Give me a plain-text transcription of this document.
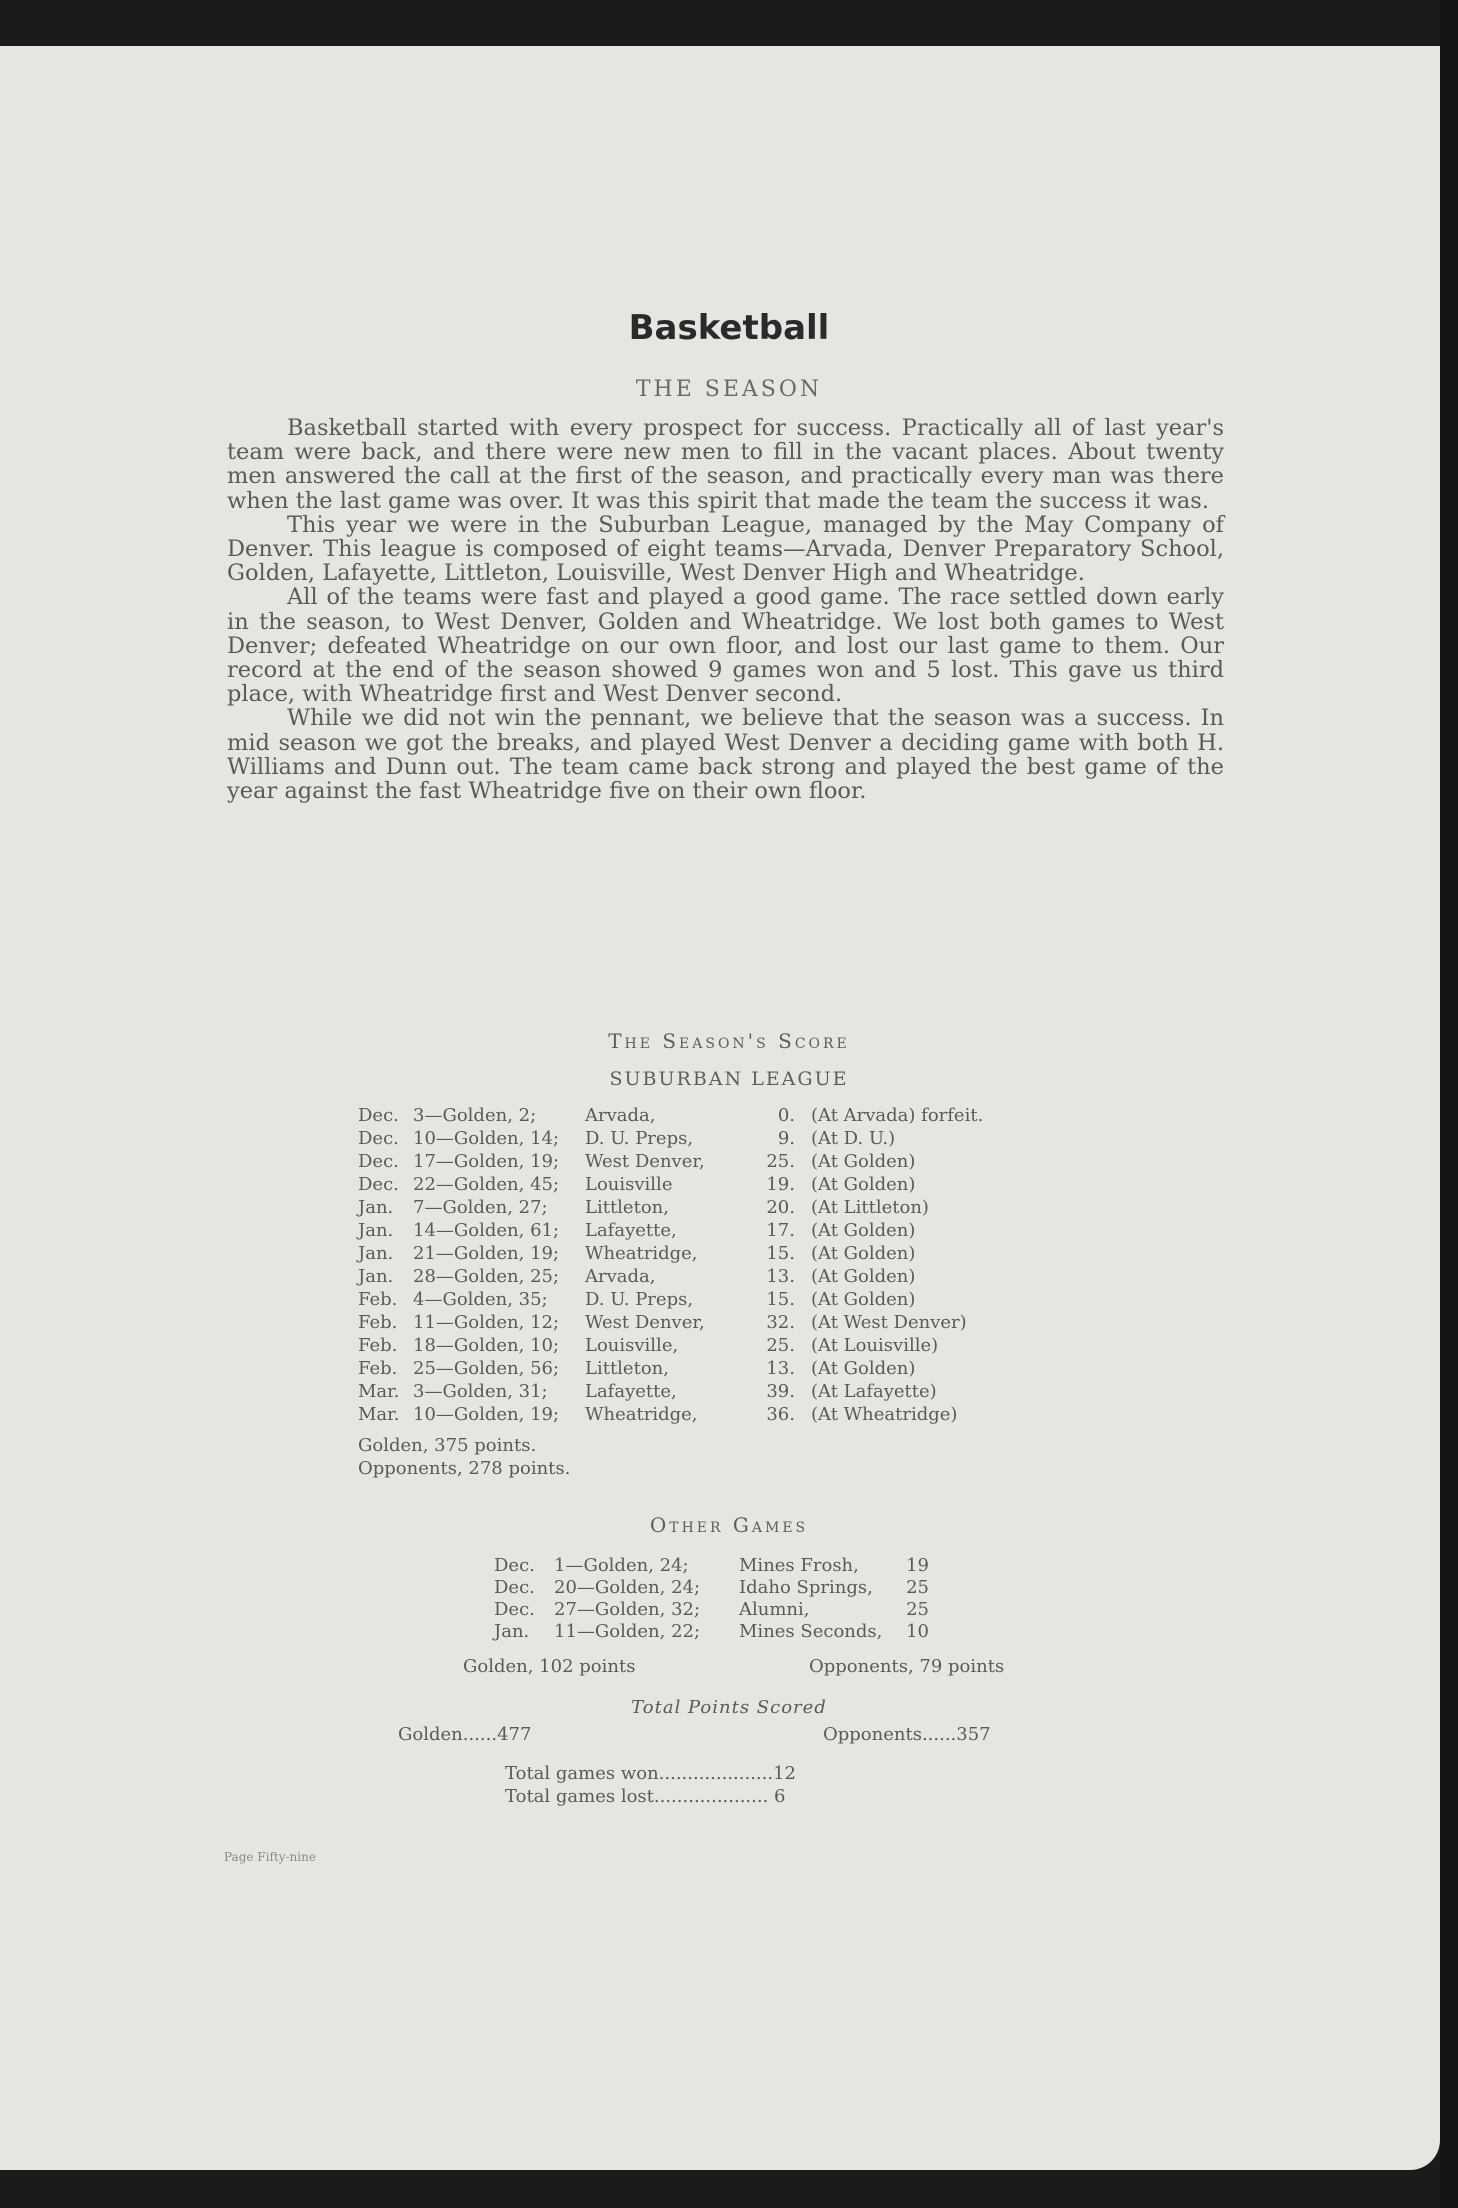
Basketball
THE SEASON

Basketball started with every prospect for success. Practically all of last year's team were back, and there were new men to fill in the vacant places. About twenty men answered the call at the first of the season, and practically every man was there when the last game was over. It was this spirit that made the team the success it was.

This year we were in the Suburban League, managed by the May Company of Denver. This league is composed of eight teams—Arvada, Denver Preparatory School, Golden, Lafayette, Littleton, Louisville, West Denver High and Wheatridge.

All of the teams were fast and played a good game. The race settled down early in the season, to West Denver, Golden and Wheatridge. We lost both games to West Denver; defeated Wheatridge on our own floor, and lost our last game to them. Our record at the end of the season showed 9 games won and 5 lost. This gave us third place, with Wheatridge first and West Denver second.

While we did not win the pennant, we believe that the season was a success. In mid season we got the breaks, and played West Denver a deciding game with both H. Williams and Dunn out. The team came back strong and played the best game of the year against the fast Wheatridge five on their own floor.

The Season's Score
SUBURBAN LEAGUE
Dec.	3—Golden, 2;	Arvada,	0.	(At Arvada) forfeit.
Dec.	10—Golden, 14;	D. U. Preps,	9.	(At D. U.)
Dec.	17—Golden, 19;	West Denver,	25.	(At Golden)
Dec.	22—Golden, 45;	Louisville	19.	(At Golden)
Jan.	7—Golden, 27;	Littleton,	20.	(At Littleton)
Jan.	14—Golden, 61;	Lafayette,	17.	(At Golden)
Jan.	21—Golden, 19;	Wheatridge,	15.	(At Golden)
Jan.	28—Golden, 25;	Arvada,	13.	(At Golden)
Feb.	4—Golden, 35;	D. U. Preps,	15.	(At Golden)
Feb.	11—Golden, 12;	West Denver,	32.	(At West Denver)
Feb.	18—Golden, 10;	Louisville,	25.	(At Louisville)
Feb.	25—Golden, 56;	Littleton,	13.	(At Golden)
Mar.	3—Golden, 31;	Lafayette,	39.	(At Lafayette)
Mar.	10—Golden, 19;	Wheatridge,	36.	(At Wheatridge)
Golden, 375 points.
Opponents, 278 points.
Other Games
Dec.	1—Golden, 24;	Mines Frosh,	19
Dec.	20—Golden, 24;	Idaho Springs,	25
Dec.	27—Golden, 32;	Alumni,	25
Jan.	11—Golden, 22;	Mines Seconds,	10
Golden, 102 points	Opponents, 79 points
Total Points Scored
Golden......477	Opponents......357
Total games won....................12
Total games lost.................... 6
Page Fifty-nine
